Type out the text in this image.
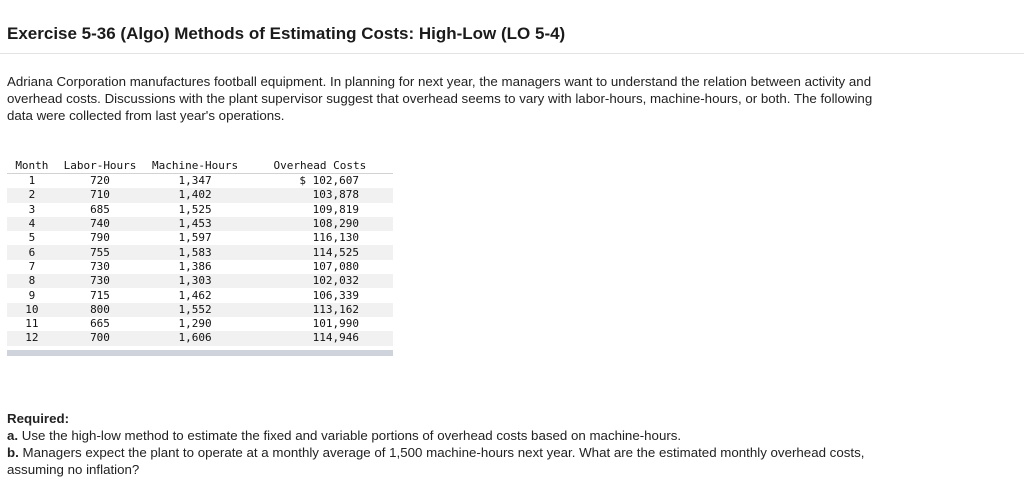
Exercise 5-36 (Algo) Methods of Estimating Costs: High-Low (LO 5-4)

Adriana Corporation manufactures football equipment. In planning for next year, the managers want to understand the relation between activity and overhead costs. Discussions with the plant supervisor suggest that overhead seems to vary with labor-hours, machine-hours, or both. The following data were collected from last year's operations.

Month	Labor-Hours	Machine-Hours	Overhead Costs
1	720	1,347	$ 102,607
2	710	1,402	103,878
3	685	1,525	109,819
4	740	1,453	108,290
5	790	1,597	116,130
6	755	1,583	114,525
7	730	1,386	107,080
8	730	1,303	102,032
9	715	1,462	106,339
10	800	1,552	113,162
11	665	1,290	101,990
12	700	1,606	114,946

Required:

a. Use the high-low method to estimate the fixed and variable portions of overhead costs based on machine-hours.

b. Managers expect the plant to operate at a monthly average of 1,500 machine-hours next year. What are the estimated monthly overhead costs, assuming no inflation?
